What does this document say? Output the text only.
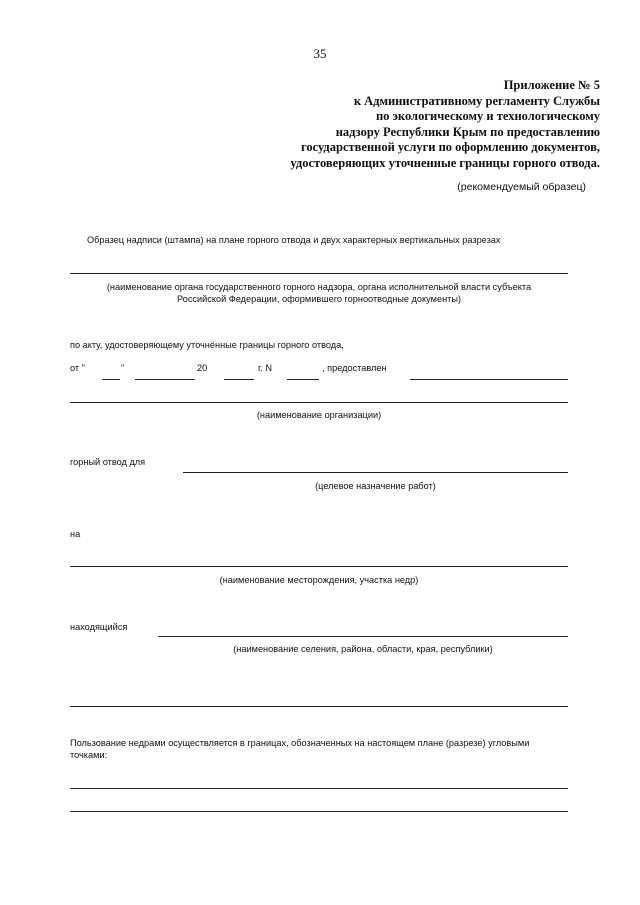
35
Приложение № 5
к Административному регламенту Службы
по экологическому и технологическому
надзору Республики Крым по предоставлению
государственной услуги по оформлению документов,
удостоверяющих уточненные границы горного отвода.
(рекомендуемый образец)
Образец надписи (штампа) на плане горного отвода и двух характерных вертикальных разрезах
(наименование органа государственного горного надзора, органа исполнительной власти субъекта
Российской Федерации, оформившего горноотводные документы)
по акту, удостоверяющему уточнённые границы горного отвода,
от "	"	20	г. N	, предоставлен
(наименование организации)
горный отвод для
(целевое назначение работ)
на
(наименование месторождения, участка недр)
находящийся
(наименование селения, района, области, края, республики)
Пользование недрами осуществляется в границах, обозначенных на настоящем плане (разрезе) угловыми
точками:
